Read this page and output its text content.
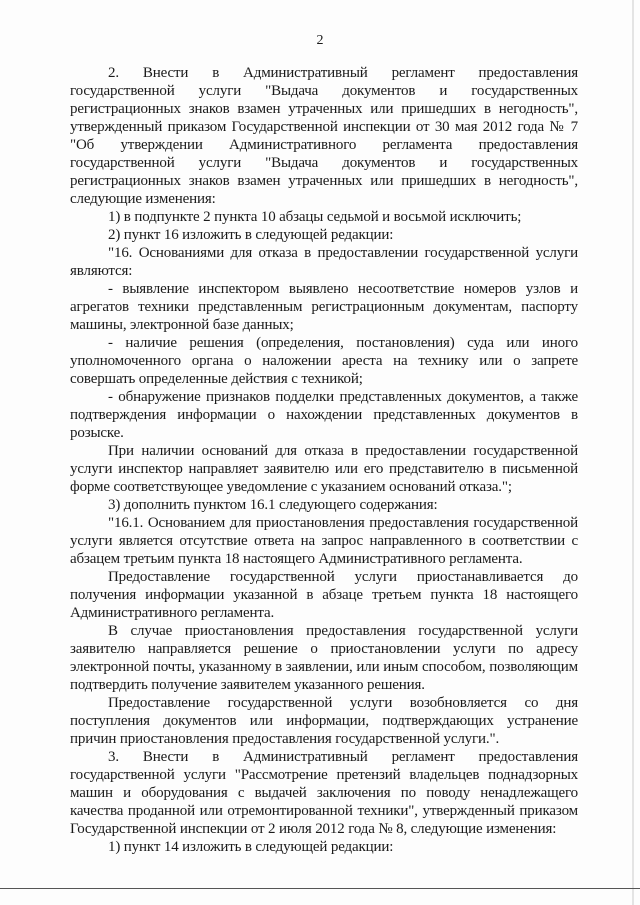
2

2. Внести в Административный регламент предоставления государственной услуги "Выдача документов и государственных регистрационных знаков взамен утраченных или пришедших в негодность", утвержденный приказом Государственной инспекции от 30 мая 2012 года № 7 "Об утверждении Административного регламента предоставления государственной услуги "Выдача документов и государственных регистрационных знаков взамен утраченных или пришедших в негодность", следующие изменения:

1) в подпункте 2 пункта 10 абзацы седьмой и восьмой исключить;

2) пункт 16 изложить в следующей редакции:

"16. Основаниями для отказа в предоставлении государственной услуги являются:

- выявление инспектором выявлено несоответствие номеров узлов и агрегатов техники представленным регистрационным документам, паспорту машины, электронной базе данных;

- наличие решения (определения, постановления) суда или иного уполномоченного органа о наложении ареста на технику или о запрете совершать определенные действия с техникой;

- обнаружение признаков подделки представленных документов, а также подтверждения информации о нахождении представленных документов в розыске.

При наличии оснований для отказа в предоставлении государственной услуги инспектор направляет заявителю или его представителю в письменной форме соответствующее уведомление с указанием оснований отказа.";

3) дополнить пунктом 16.1 следующего содержания:

"16.1. Основанием для приостановления предоставления государственной услуги является отсутствие ответа на запрос направленного в соответствии с абзацем третьим пункта 18 настоящего Административного регламента.

Предоставление государственной услуги приостанавливается до получения информации указанной в абзаце третьем пункта 18 настоящего Административного регламента.

В случае приостановления предоставления государственной услуги заявителю направляется решение о приостановлении услуги по адресу электронной почты, указанному в заявлении, или иным способом, позволяющим подтвердить получение заявителем указанного решения.

Предоставление государственной услуги возобновляется со дня поступления документов или информации, подтверждающих устранение причин приостановления предоставления государственной услуги.".

3. Внести в Административный регламент предоставления государственной услуги "Рассмотрение претензий владельцев поднадзорных машин и оборудования с выдачей заключения по поводу ненадлежащего качества проданной или отремонтированной техники", утвержденный приказом Государственной инспекции от 2 июля 2012 года № 8, следующие изменения:

1) пункт 14 изложить в следующей редакции:
